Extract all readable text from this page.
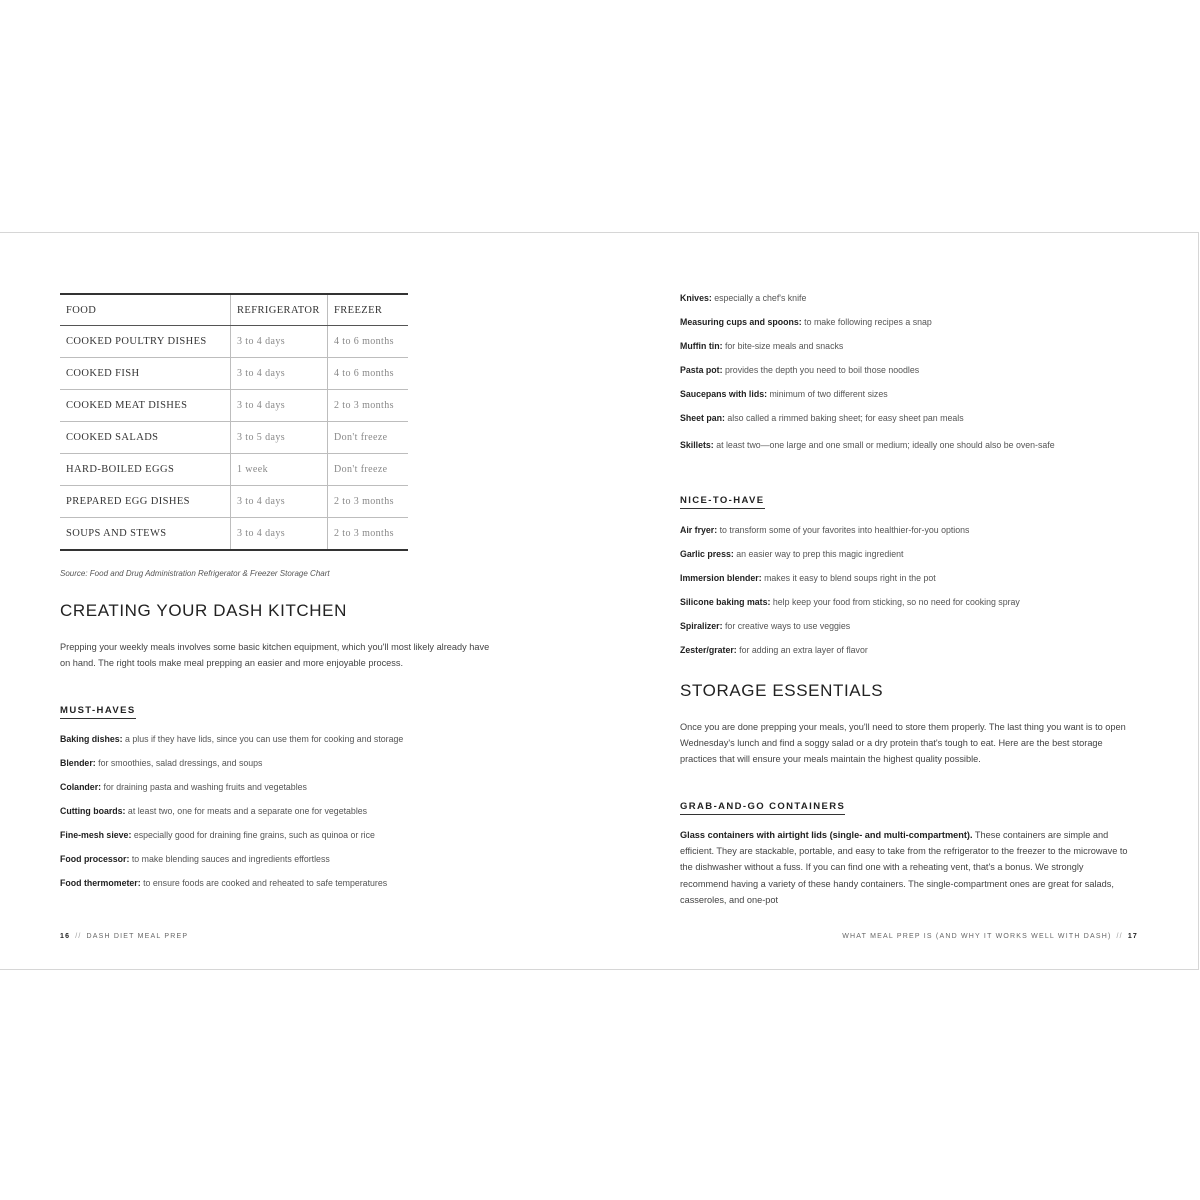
FOOD	REFRIGERATOR	FREEZER
COOKED POULTRY DISHES	3 to 4 days	4 to 6 months
COOKED FISH	3 to 4 days	4 to 6 months
COOKED MEAT DISHES	3 to 4 days	2 to 3 months
COOKED SALADS	3 to 5 days	Don't freeze
HARD-BOILED EGGS	1 week	Don't freeze
PREPARED EGG DISHES	3 to 4 days	2 to 3 months
SOUPS AND STEWS	3 to 4 days	2 to 3 months

Source: Food and Drug Administration Refrigerator & Freezer Storage Chart

CREATING YOUR DASH KITCHEN

Prepping your weekly meals involves some basic kitchen equipment, which you'll most likely already have on hand. The right tools make meal prepping an easier and more enjoyable process.

MUST-HAVES
Baking dishes: a plus if they have lids, since you can use them for cooking and storage
Blender: for smoothies, salad dressings, and soups
Colander: for draining pasta and washing fruits and vegetables
Cutting boards: at least two, one for meats and a separate one for vegetables
Fine-mesh sieve: especially good for draining fine grains, such as quinoa or rice
Food processor: to make blending sauces and ingredients effortless
Food thermometer: to ensure foods are cooked and reheated to safe temperatures
16 // DASH DIET MEAL PREP
Knives: especially a chef's knife
Measuring cups and spoons: to make following recipes a snap
Muffin tin: for bite-size meals and snacks
Pasta pot: provides the depth you need to boil those noodles
Saucepans with lids: minimum of two different sizes
Sheet pan: also called a rimmed baking sheet; for easy sheet pan meals
Skillets: at least two—one large and one small or medium; ideally one should also be oven-safe
NICE-TO-HAVE
Air fryer: to transform some of your favorites into healthier-for-you options
Garlic press: an easier way to prep this magic ingredient
Immersion blender: makes it easy to blend soups right in the pot
Silicone baking mats: help keep your food from sticking, so no need for cooking spray
Spiralizer: for creative ways to use veggies
Zester/grater: for adding an extra layer of flavor
STORAGE ESSENTIALS

Once you are done prepping your meals, you'll need to store them properly. The last thing you want is to open Wednesday's lunch and find a soggy salad or a dry protein that's tough to eat. Here are the best storage practices that will ensure your meals maintain the highest quality possible.

GRAB-AND-GO CONTAINERS

Glass containers with airtight lids (single- and multi-compartment). These containers are simple and efficient. They are stackable, portable, and easy to take from the refrigerator to the freezer to the microwave to the dishwasher without a fuss. If you can find one with a reheating vent, that's a bonus. We strongly recommend having a variety of these handy containers. The single-compartment ones are great for salads, casseroles, and one-pot

WHAT MEAL PREP IS (AND WHY IT WORKS WELL WITH DASH) // 17
